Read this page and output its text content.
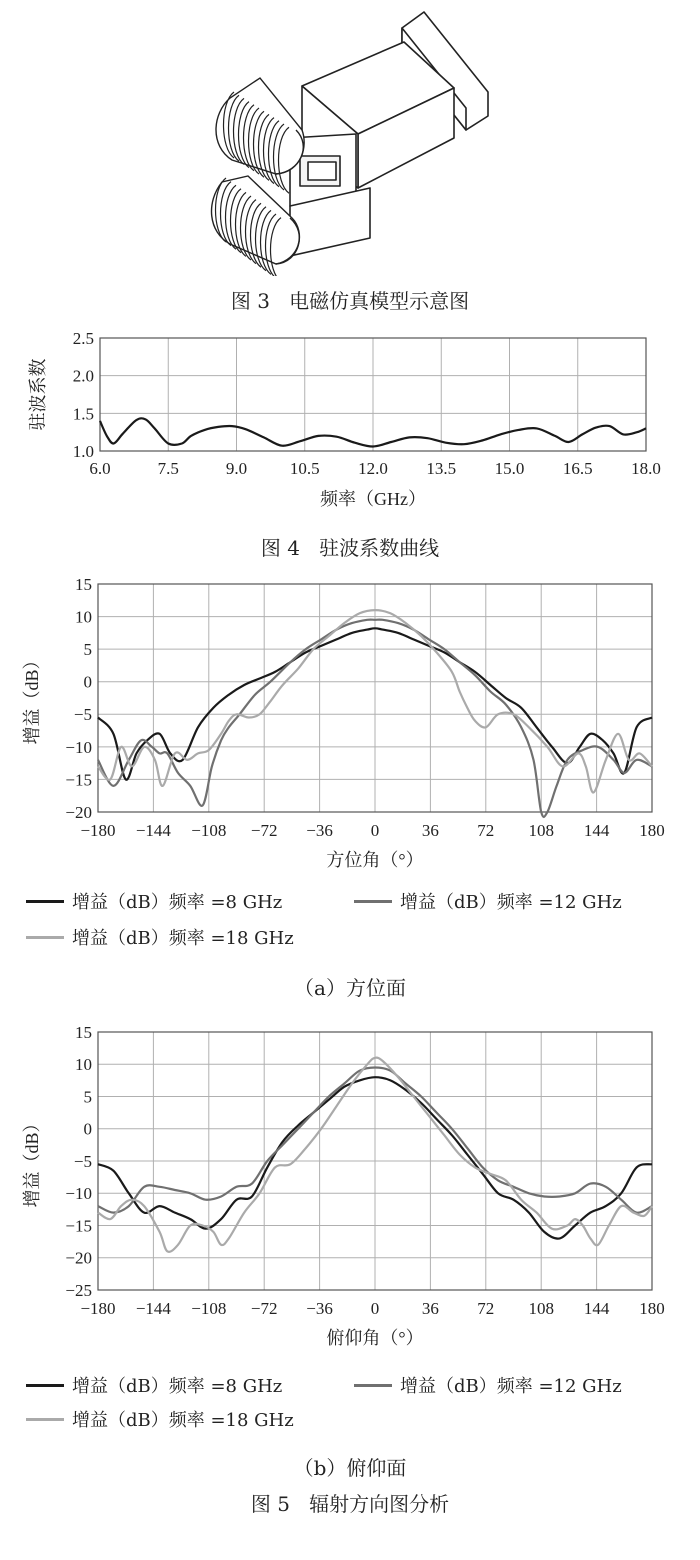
图 3   电磁仿真模型示意图
6.0	7.5	9.0	10.5 12.0 13.5 15.0 16.5 18.0
1.0
1.5
2.0
2.5
频率（GHz）
驻波系数
图 4   驻波系数曲线
−180 −144 −108 −72 −36 0	36 72 108 144 180
−20
−15
−10
−5
0
5
10
15
方位角（°）
增益（dB）

增益（dB）频率 =8 GHz

	增益（dB）频率 =12 GHz

增益（dB）频率 =18 GHz

（a）方位面
−180 −144 −108 −72 −36 0	36 72 108 144 180
−25
−20
−15
−10
−5
0
5
10
15
俯仰角（°）
增益（dB）

增益（dB）频率 =8 GHz

	增益（dB）频率 =12 GHz

增益（dB）频率 =18 GHz

（b）俯仰面
图 5   辐射方向图分析
